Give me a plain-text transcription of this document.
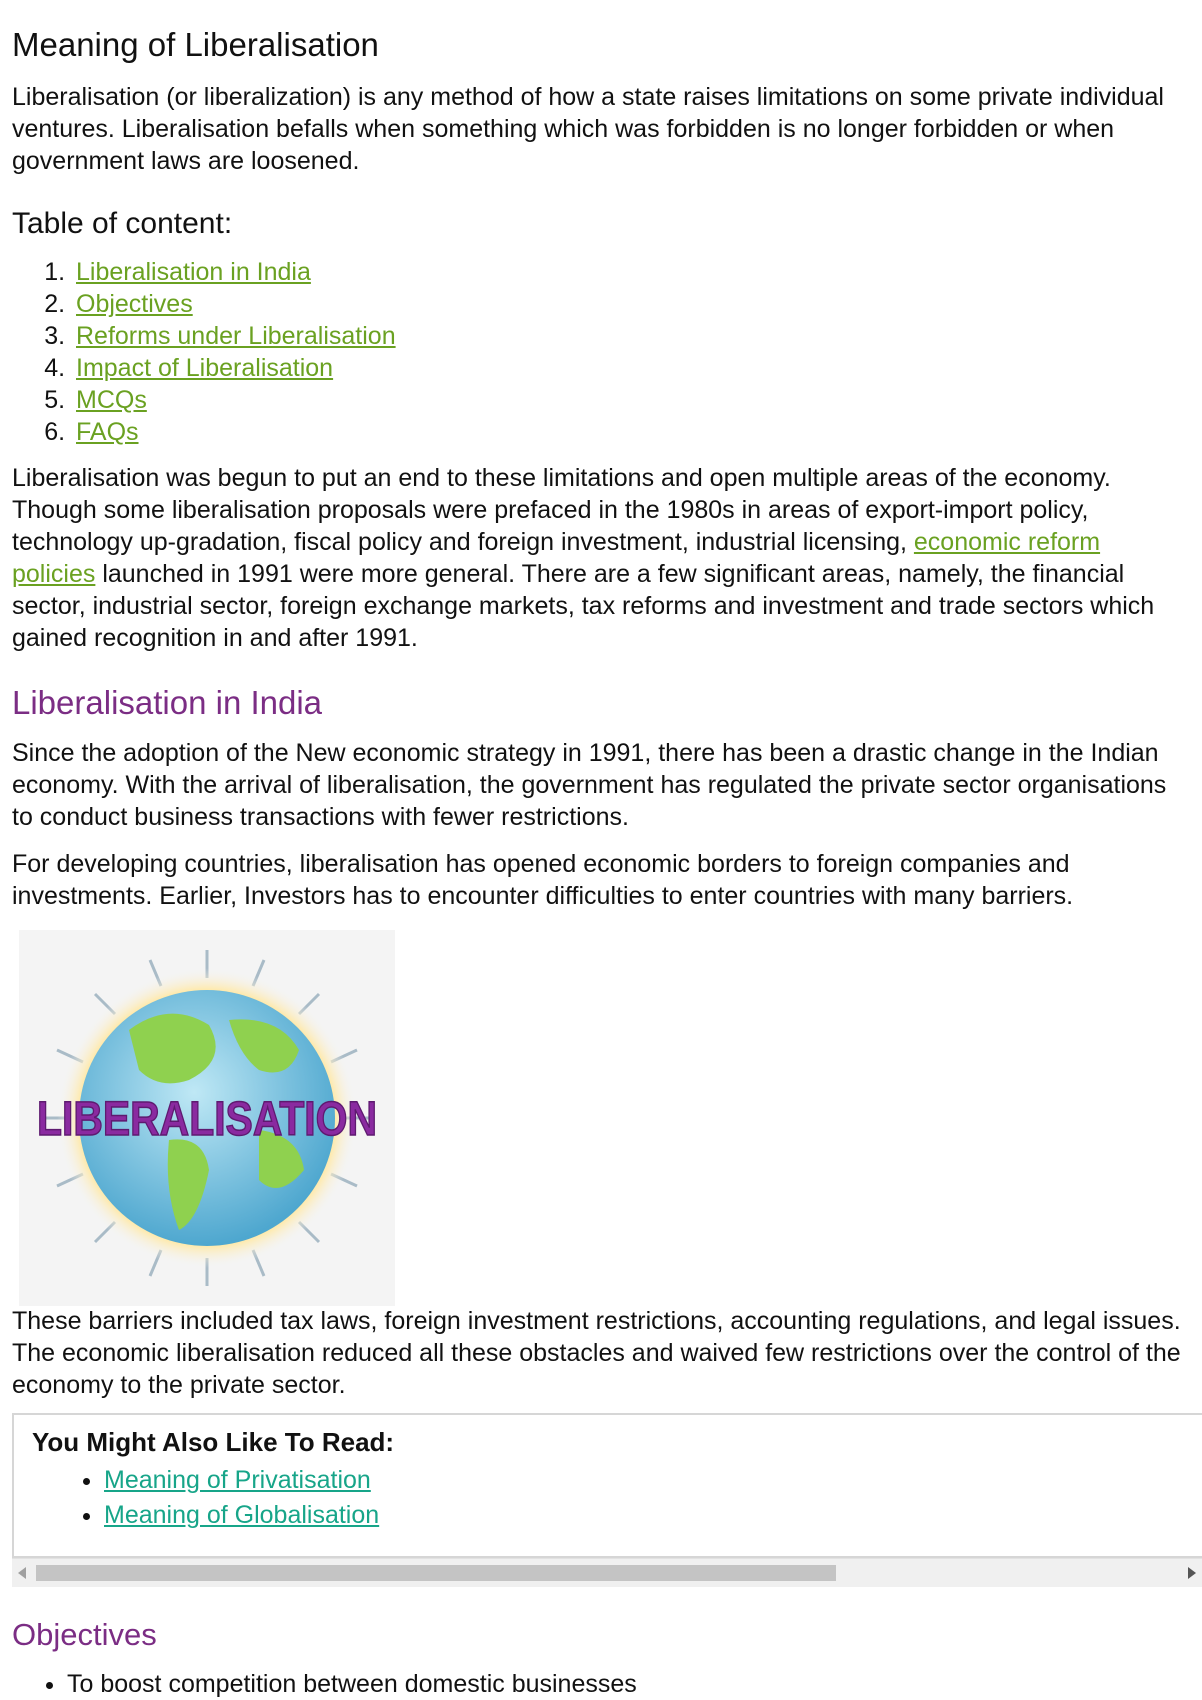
Meaning of Liberalisation

Liberalisation (or liberalization) is any method of how a state raises limitations on some private individual ventures. Liberalisation befalls when something which was forbidden is no longer forbidden or when government laws are loosened.

Table of content:
1. Liberalisation in India
2. Objectives
3. Reforms under Liberalisation
4. Impact of Liberalisation
5. MCQs
6. FAQs

Liberalisation was begun to put an end to these limitations and open multiple areas of the economy. Though some liberalisation proposals were prefaced in the 1980s in areas of export-import policy, technology up-gradation, fiscal policy and foreign investment, industrial licensing, economic reform policies launched in 1991 were more general. There are a few significant areas, namely, the financial sector, industrial sector, foreign exchange markets, tax reforms and investment and trade sectors which gained recognition in and after 1991.

Liberalisation in India

Since the adoption of the New economic strategy in 1991, there has been a drastic change in the Indian economy. With the arrival of liberalisation, the government has regulated the private sector organisations to conduct business transactions with fewer restrictions.

For developing countries, liberalisation has opened economic borders to foreign companies and investments. Earlier, Investors has to encounter difficulties to enter countries with many barriers.

LIBERALISATION

These barriers included tax laws, foreign investment restrictions, accounting regulations, and legal issues. The economic liberalisation reduced all these obstacles and waived few restrictions over the control of the economy to the private sector.

You Might Also Like To Read:
• Meaning of Privatisation
• Meaning of Globalisation
Objectives
• To boost competition between domestic businesses
